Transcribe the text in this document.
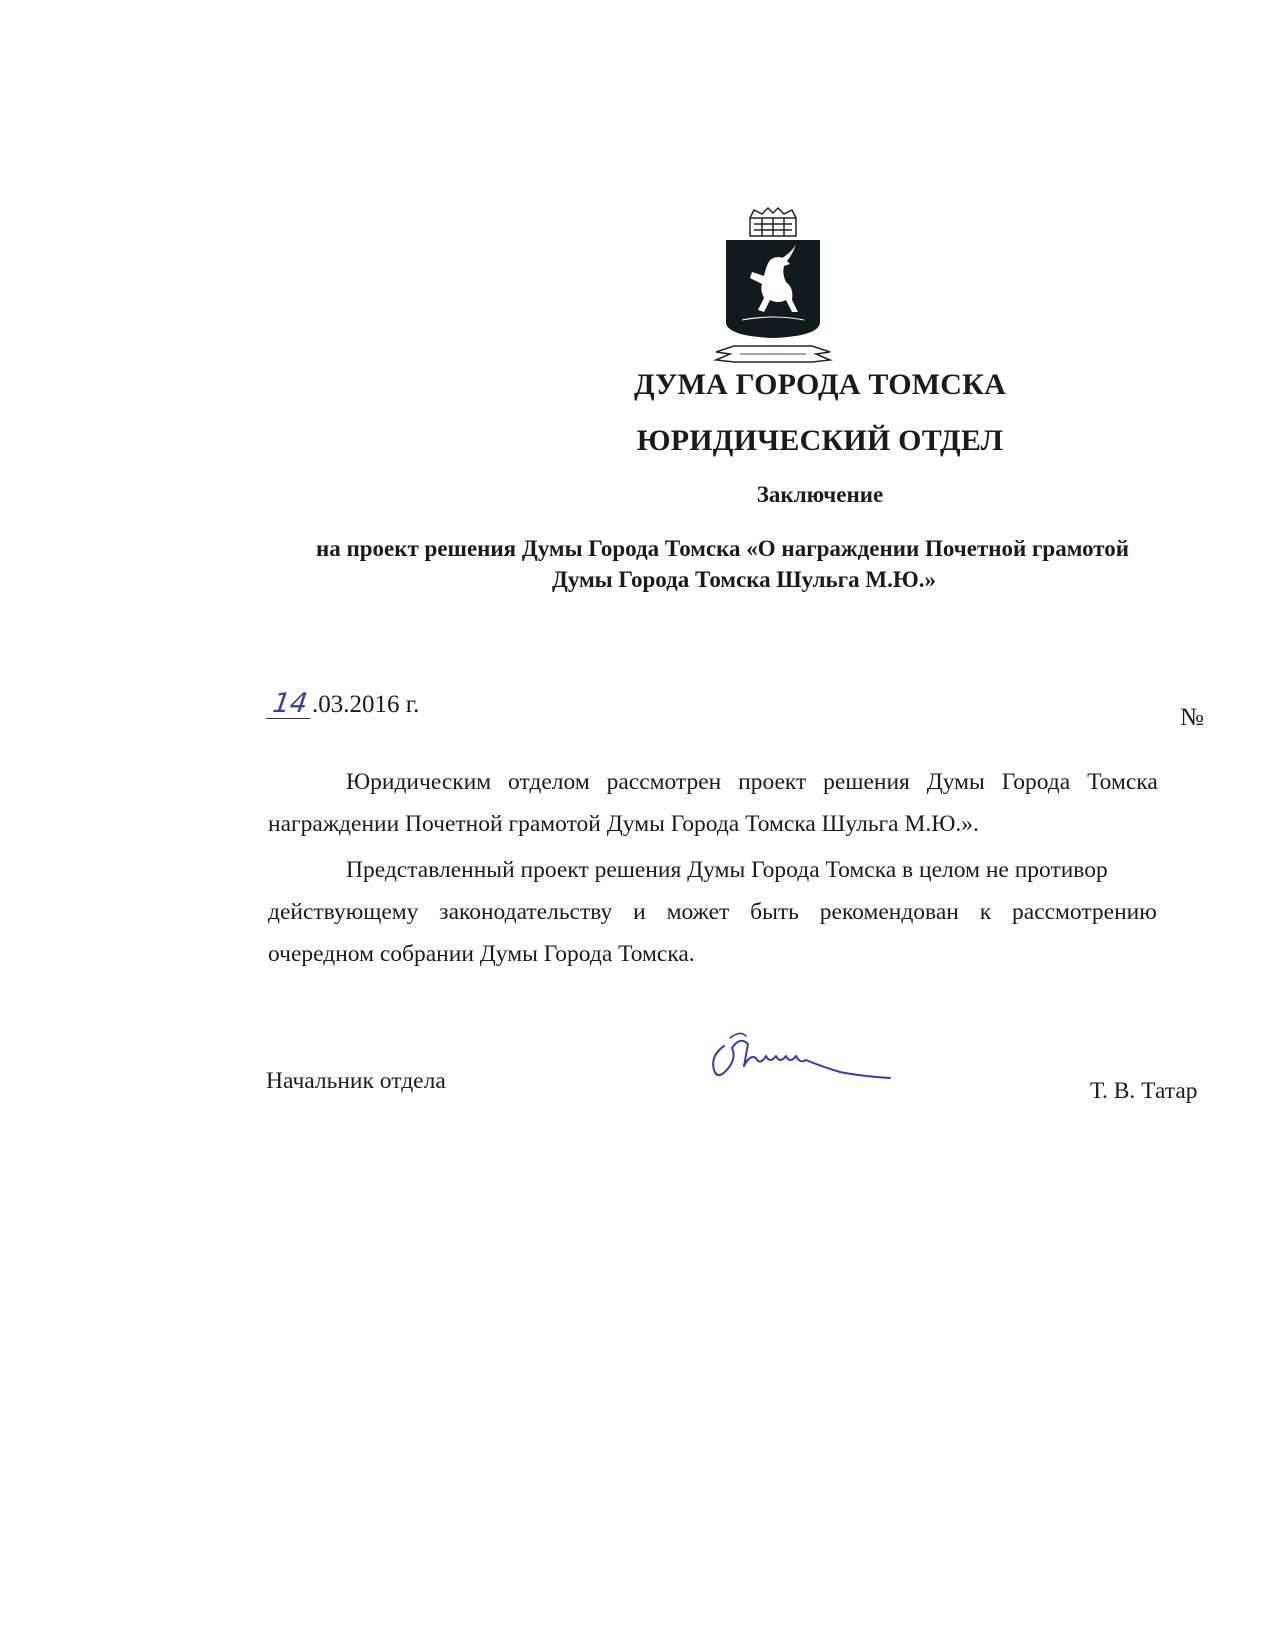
ДУМА ГОРОДА ТОМСКА
ЮРИДИЧЕСКИЙ ОТДЕЛ
Заключение
на проект решения Думы Города Томска «О награждении Почетной грамотой
Думы Города Томска Шульга М.Ю.»
14 .03.2016 г.	№
Юридическим отделом рассмотрен проект решения Думы Города Томска
награждении Почетной грамотой Думы Города Томска Шульга М.Ю.».
Представленный проект решения Думы Города Томска в целом не противор
действующему законодательству и может быть рекомендован к рассмотрению
очередном собрании Думы Города Томска.
Начальник отдела	Т. В. Татар
